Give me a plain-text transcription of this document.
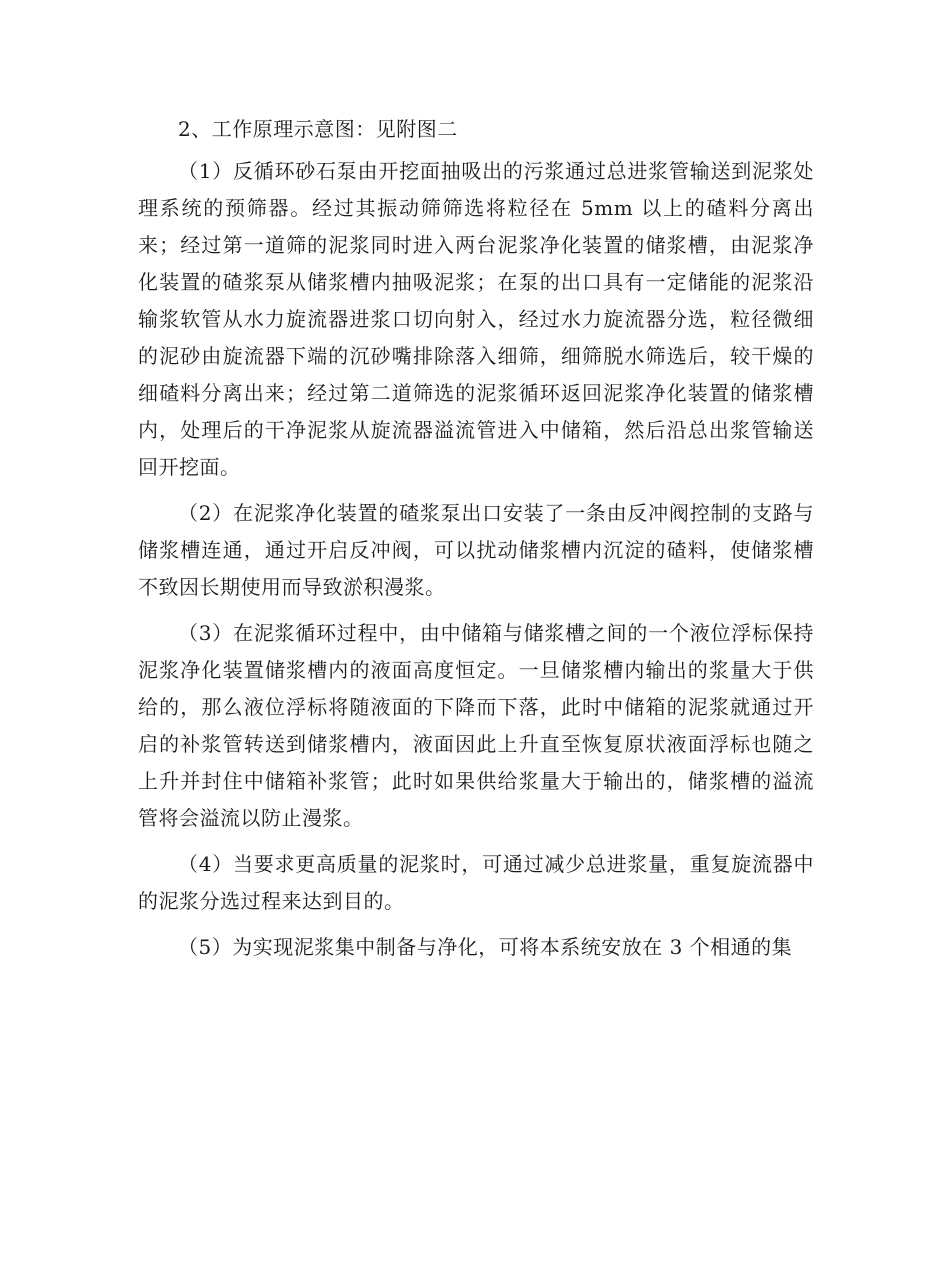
2、工作原理示意图：见附图二

（1）反循环砂石泵由开挖面抽吸出的污浆通过总进浆管输送到泥浆处理系统的预筛器。经过其振动筛筛选将粒径在 5mm 以上的碴料分离出来；经过第一道筛的泥浆同时进入两台泥浆净化装置的储浆槽，由泥浆净化装置的碴浆泵从储浆槽内抽吸泥浆；在泵的出口具有一定储能的泥浆沿输浆软管从水力旋流器进浆口切向射入，经过水力旋流器分选，粒径微细的泥砂由旋流器下端的沉砂嘴排除落入细筛，细筛脱水筛选后，较干燥的细碴料分离出来；经过第二道筛选的泥浆循环返回泥浆净化装置的储浆槽内，处理后的干净泥浆从旋流器溢流管进入中储箱，然后沿总出浆管输送回开挖面。

（2）在泥浆净化装置的碴浆泵出口安装了一条由反冲阀控制的支路与储浆槽连通，通过开启反冲阀，可以扰动储浆槽内沉淀的碴料，使储浆槽不致因长期使用而导致淤积漫浆。

（3）在泥浆循环过程中，由中储箱与储浆槽之间的一个液位浮标保持泥浆净化装置储浆槽内的液面高度恒定。一旦储浆槽内输出的浆量大于供给的，那么液位浮标将随液面的下降而下落，此时中储箱的泥浆就通过开启的补浆管转送到储浆槽内，液面因此上升直至恢复原状液面浮标也随之上升并封住中储箱补浆管；此时如果供给浆量大于输出的，储浆槽的溢流管将会溢流以防止漫浆。

（4）当要求更高质量的泥浆时，可通过减少总进浆量，重复旋流器中的泥浆分选过程来达到目的。

（5）为实现泥浆集中制备与净化，可将本系统安放在 3 个相通的集
